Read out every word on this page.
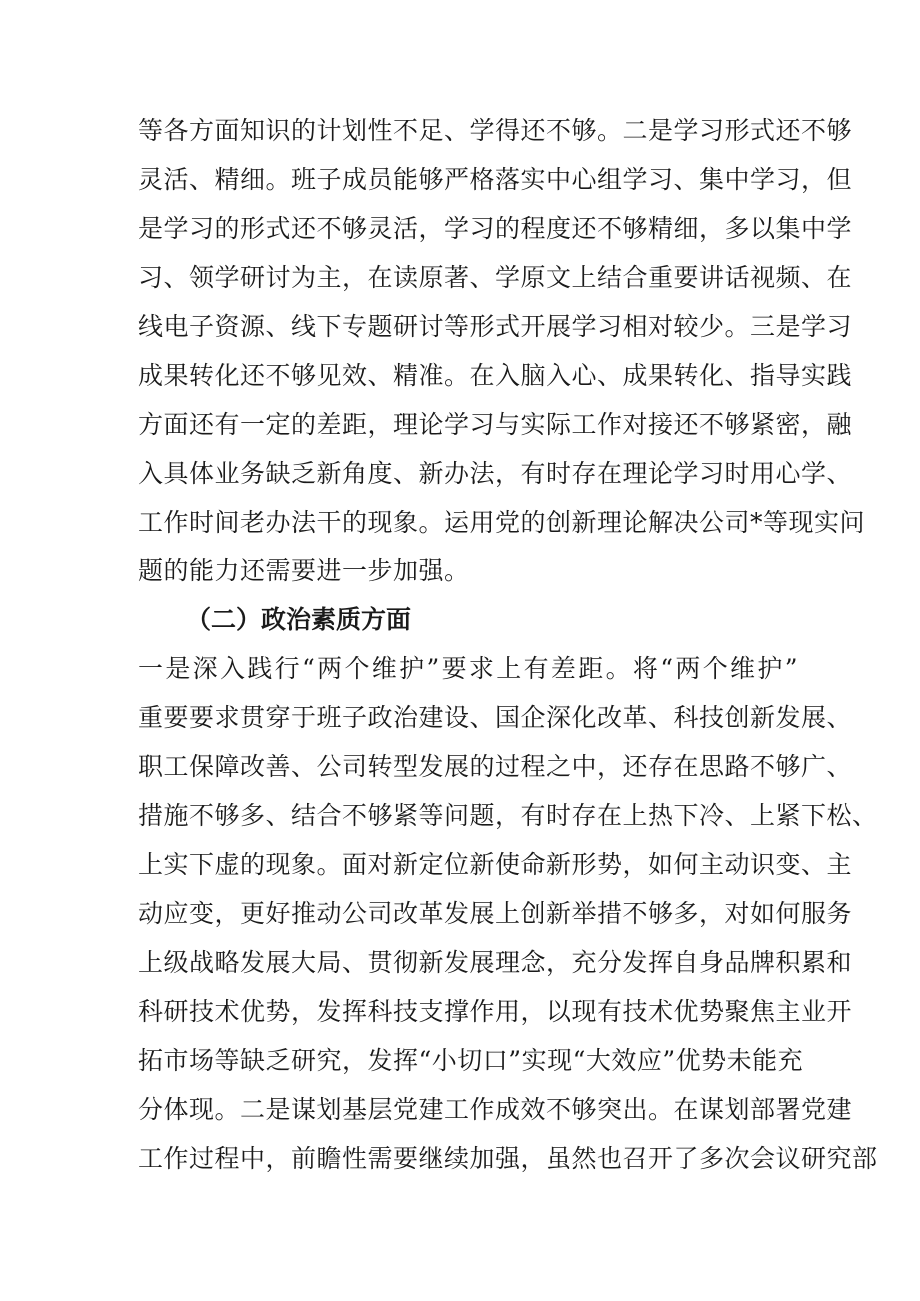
等各方面知识的计划性不足、学得还不够。二是学习形式还不够
灵活、精细。班子成员能够严格落实中心组学习、集中学习，但
是学习的形式还不够灵活，学习的程度还不够精细，多以集中学
习、领学研讨为主，在读原著、学原文上结合重要讲话视频、在
线电子资源、线下专题研讨等形式开展学习相对较少。三是学习
成果转化还不够见效、精准。在入脑入心、成果转化、指导实践
方面还有一定的差距，理论学习与实际工作对接还不够紧密，融
入具体业务缺乏新角度、新办法，有时存在理论学习时用心学、
工作时间老办法干的现象。运用党的创新理论解决公司*等现实问
题的能力还需要进一步加强。
（二）政治素质方面
一是深入践行“两个维护”要求上有差距。将“两个维护”
重要要求贯穿于班子政治建设、国企深化改革、科技创新发展、
职工保障改善、公司转型发展的过程之中，还存在思路不够广、
措施不够多、结合不够紧等问题，有时存在上热下冷、上紧下松、
上实下虚的现象。面对新定位新使命新形势，如何主动识变、主
动应变，更好推动公司改革发展上创新举措不够多，对如何服务
上级战略发展大局、贯彻新发展理念，充分发挥自身品牌积累和
科研技术优势，发挥科技支撑作用，以现有技术优势聚焦主业开
拓市场等缺乏研究，发挥“小切口”实现“大效应”优势未能充
分体现。二是谋划基层党建工作成效不够突出。在谋划部署党建
工作过程中，前瞻性需要继续加强，虽然也召开了多次会议研究部
